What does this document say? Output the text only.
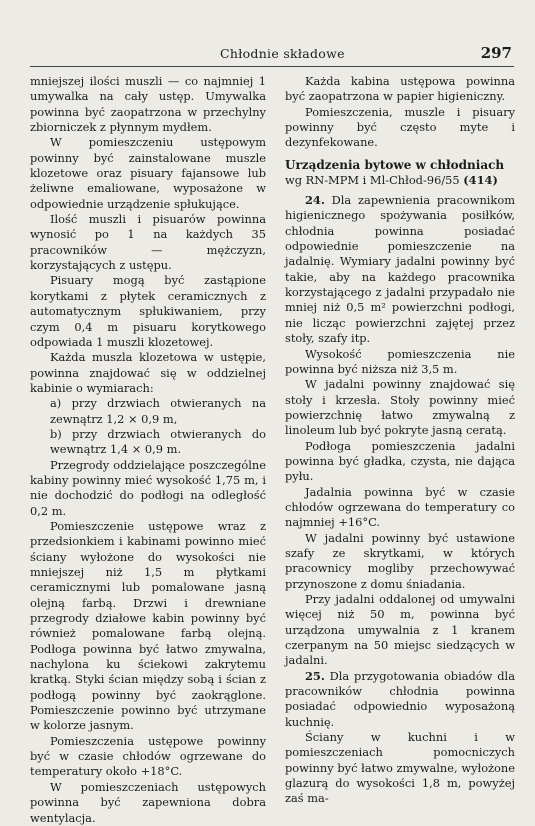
Chłodnie składowe	297

mniejszej ilości muszli — co najmniej 1 umywalka na cały ustęp. Umywalka powinna być zaopatrzona w przechylny zbiorniczek z płynnym mydłem.

W pomieszczeniu ustępowym powinny być zainstalowane muszle klozetowe oraz pisuary fajansowe lub żeliwne emaliowane, wyposażone w odpowiednie urządzenie spłukujące.

Ilość muszli i pisuarów powinna wynosić po 1 na każdych 35 pracowników — mężczyzn, korzystających z ustępu.

Pisuary mogą być zastąpione korytkami z płytek ceramicznych z automatycznym spłukiwaniem, przy czym 0,4 m pisuaru korytkowego odpowiada 1 muszli klozetowej.

Każda muszla klozetowa w ustępie, powinna znajdować się w oddzielnej kabinie o wymiarach:

a) przy drzwiach otwieranych na zewnątrz 1,2 ⨯ 0,9 m,

b) przy drzwiach otwieranych do wewnątrz 1,4 ⨯ 0,9 m.

Przegrody oddzielające poszczególne kabiny powinny mieć wysokość 1,75 m, i nie dochodzić do podłogi na odległość 0,2 m.

Pomieszczenie ustępowe wraz z przedsionkiem i kabinami powinno mieć ściany wyłożone do wysokości nie mniejszej niż 1,5 m płytkami ceramicznymi lub pomalowane jasną olejną farbą. Drzwi i drewniane przegrody działowe kabin powinny być również pomalowane farbą olejną. Podłoga powinna być łatwo zmywalna, nachylona ku ściekowi zakrytemu kratką. Styki ścian między sobą i ścian z podłogą powinny być zaokrąglone. Pomieszczenie powinno być utrzymane w kolorze jasnym.

Pomieszczenia ustępowe powinny być w czasie chłodów ogrzewane do temperatury około +18°C.

W pomieszczeniach ustępowych powinna być zapewniona dobra wentylacja.

Każda kabina ustępowa powinna być zaopatrzona w papier higieniczny.

Pomieszczenia, muszle i pisuary powinny być często myte i dezynfekowane.

Urządzenia bytowe w chłodniach

wg RN-MPM i Ml-Chłod-96/55 (414)

24. Dla zapewnienia pracownikom higienicznego spożywania posiłków, chłodnia powinna posiadać odpowiednie pomieszczenie na jadalnię. Wymiary jadalni powinny być takie, aby na każdego pracownika korzystającego z jadalni przypadało nie mniej niż 0,5 m² powierzchni podłogi, nie licząc powierzchni zajętej przez stoły, szafy itp.

Wysokość pomieszczenia nie powinna być niższa niż 3,5 m.

W jadalni powinny znajdować się stoły i krzesła. Stoły powinny mieć powierzchnię łatwo zmywalną z linoleum lub być pokryte jasną ceratą.

Podłoga pomieszczenia jadalni powinna być gładka, czysta, nie dająca pyłu.

Jadalnia powinna być w czasie chłodów ogrzewana do temperatury co najmniej +16°C.

W jadalni powinny być ustawione szafy ze skrytkami, w których pracownicy mogliby przechowywać przynoszone z domu śniadania.

Przy jadalni oddalonej od umywalni więcej niż 50 m, powinna być urządzona umywalnia z 1 kranem czerpanym na 50 miejsc siedzących w jadalni.

25. Dla przygotowania obiadów dla pracowników chłodnia powinna posiadać odpowiednio wyposażoną kuchnię.

Ściany w kuchni i w pomieszczeniach pomocniczych powinny być łatwo zmywalne, wyłożone glazurą do wysokości 1,8 m, powyżej zaś ma-
